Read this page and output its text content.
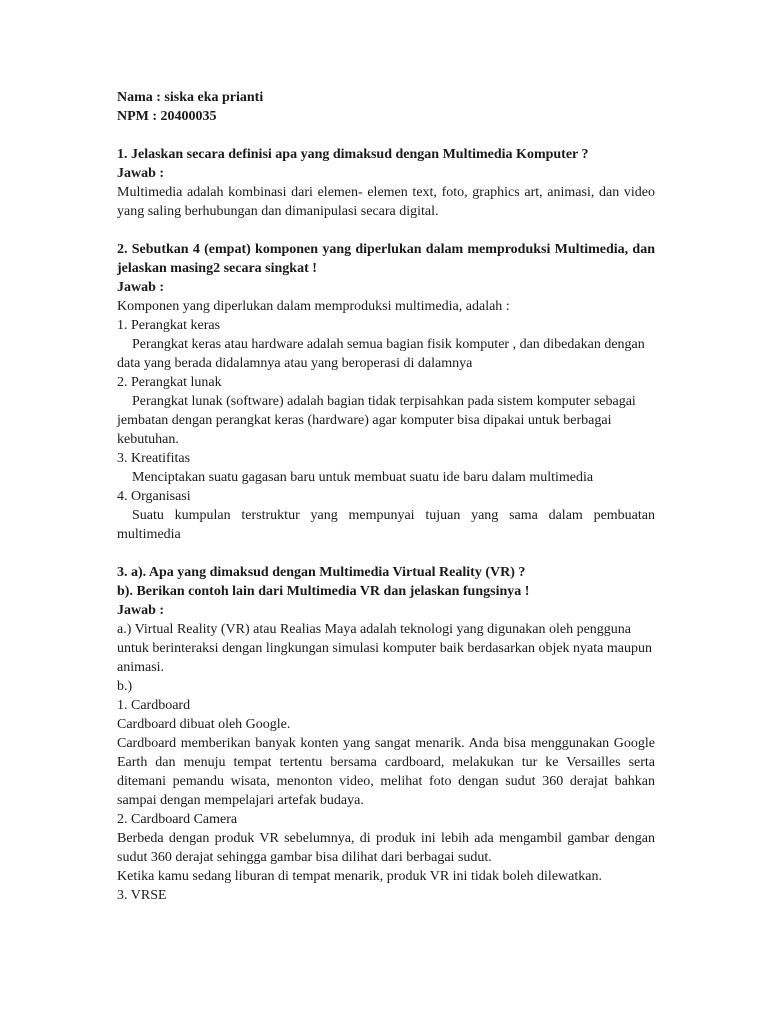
Nama : siska eka prianti

NPM : 20400035

1. Jelaskan secara definisi apa yang dimaksud dengan Multimedia Komputer ?

Jawab :

Multimedia adalah kombinasi dari elemen- elemen text, foto, graphics art, animasi, dan video yang saling berhubungan dan dimanipulasi secara digital.

2. Sebutkan 4 (empat) komponen yang diperlukan dalam memproduksi Multimedia, dan jelaskan masing2 secara singkat !

Jawab :

Komponen yang diperlukan dalam memproduksi multimedia, adalah :

1. Perangkat keras

Perangkat keras atau hardware adalah semua bagian fisik komputer , dan dibedakan dengan data yang berada didalamnya atau yang beroperasi di dalamnya

2. Perangkat lunak

Perangkat lunak (software) adalah bagian tidak terpisahkan pada sistem komputer sebagai jembatan dengan perangkat keras (hardware) agar komputer bisa dipakai untuk berbagai kebutuhan.

3. Kreatifitas

Menciptakan suatu gagasan baru untuk membuat suatu ide baru dalam multimedia

4. Organisasi

Suatu kumpulan terstruktur yang mempunyai tujuan yang sama dalam pembuatan multimedia

3. a). Apa yang dimaksud dengan Multimedia Virtual Reality (VR) ?

b). Berikan contoh lain dari Multimedia VR dan jelaskan fungsinya !

Jawab :

a.) Virtual Reality (VR) atau Realias Maya adalah teknologi yang digunakan oleh pengguna untuk berinteraksi dengan lingkungan simulasi komputer baik berdasarkan objek nyata maupun animasi.

b.)

1. Cardboard

Cardboard dibuat oleh Google.

Cardboard memberikan banyak konten yang sangat menarik. Anda bisa menggunakan Google Earth dan menuju tempat tertentu bersama cardboard, melakukan tur ke Versailles serta ditemani pemandu wisata, menonton video, melihat foto dengan sudut 360 derajat bahkan sampai dengan mempelajari artefak budaya.

2. Cardboard Camera

Berbeda dengan produk VR sebelumnya, di produk ini lebih ada mengambil gambar dengan sudut 360 derajat sehingga gambar bisa dilihat dari berbagai sudut.

Ketika kamu sedang liburan di tempat menarik, produk VR ini tidak boleh dilewatkan.

3. VRSE
